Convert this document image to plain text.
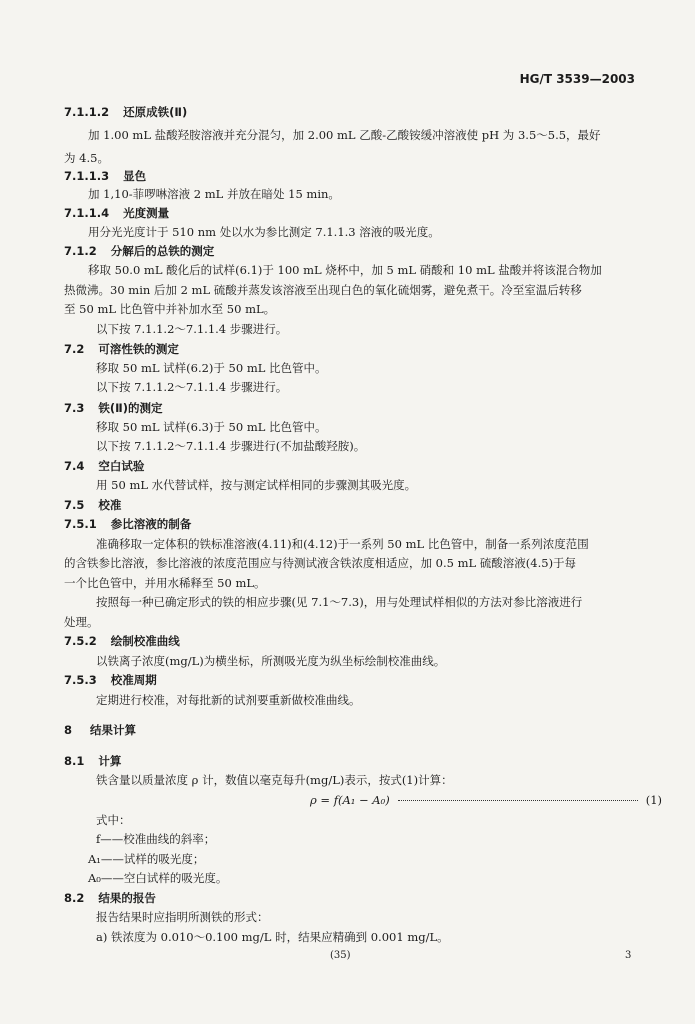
HG/T 3539—2003
7.1.1.2 还原成铁(Ⅱ)
加 1.00 mL 盐酸羟胺溶液并充分混匀，加 2.00 mL 乙酸-乙酸铵缓冲溶液使 pH 为 3.5～5.5，最好
为 4.5。
7.1.1.3 显色
加 1,10-菲啰啉溶液 2 mL 并放在暗处 15 min。
7.1.1.4 光度测量
用分光光度计于 510 nm 处以水为参比测定 7.1.1.3 溶液的吸光度。
7.1.2 分解后的总铁的测定
移取 50.0 mL 酸化后的试样(6.1)于 100 mL 烧杯中，加 5 mL 硝酸和 10 mL 盐酸并将该混合物加
热微沸。30 min 后加 2 mL 硫酸并蒸发该溶液至出现白色的氧化硫烟雾，避免煮干。冷至室温后转移
至 50 mL 比色管中并补加水至 50 mL。
以下按 7.1.1.2～7.1.1.4 步骤进行。
7.2 可溶性铁的测定
移取 50 mL 试样(6.2)于 50 mL 比色管中。
以下按 7.1.1.2～7.1.1.4 步骤进行。
7.3 铁(Ⅱ)的测定
移取 50 mL 试样(6.3)于 50 mL 比色管中。
以下按 7.1.1.2～7.1.1.4 步骤进行(不加盐酸羟胺)。
7.4 空白试验
用 50 mL 水代替试样，按与测定试样相同的步骤测其吸光度。
7.5 校准
7.5.1 参比溶液的制备
准确移取一定体积的铁标准溶液(4.11)和(4.12)于一系列 50 mL 比色管中，制备一系列浓度范围
的含铁参比溶液，参比溶液的浓度范围应与待测试液含铁浓度相适应，加 0.5 mL 硫酸溶液(4.5)于每
一个比色管中，并用水稀释至 50 mL。
按照每一种已确定形式的铁的相应步骤(见 7.1～7.3)，用与处理试样相似的方法对参比溶液进行
处理。
7.5.2 绘制校准曲线
以铁离子浓度(mg/L)为横坐标，所测吸光度为纵坐标绘制校准曲线。
7.5.3 校准周期
定期进行校准，对每批新的试剂要重新做校准曲线。
8 结果计算
8.1 计算
铁含量以质量浓度 ρ 计，数值以毫克每升(mg/L)表示，按式(1)计算：
ρ = f(A₁ − A₀)	(1)
式中：
f——校准曲线的斜率；
A₁——试样的吸光度；
A₀——空白试样的吸光度。
8.2 结果的报告
报告结果时应指明所测铁的形式：
a) 铁浓度为 0.010～0.100 mg/L 时，结果应精确到 0.001 mg/L。
(35)	3
